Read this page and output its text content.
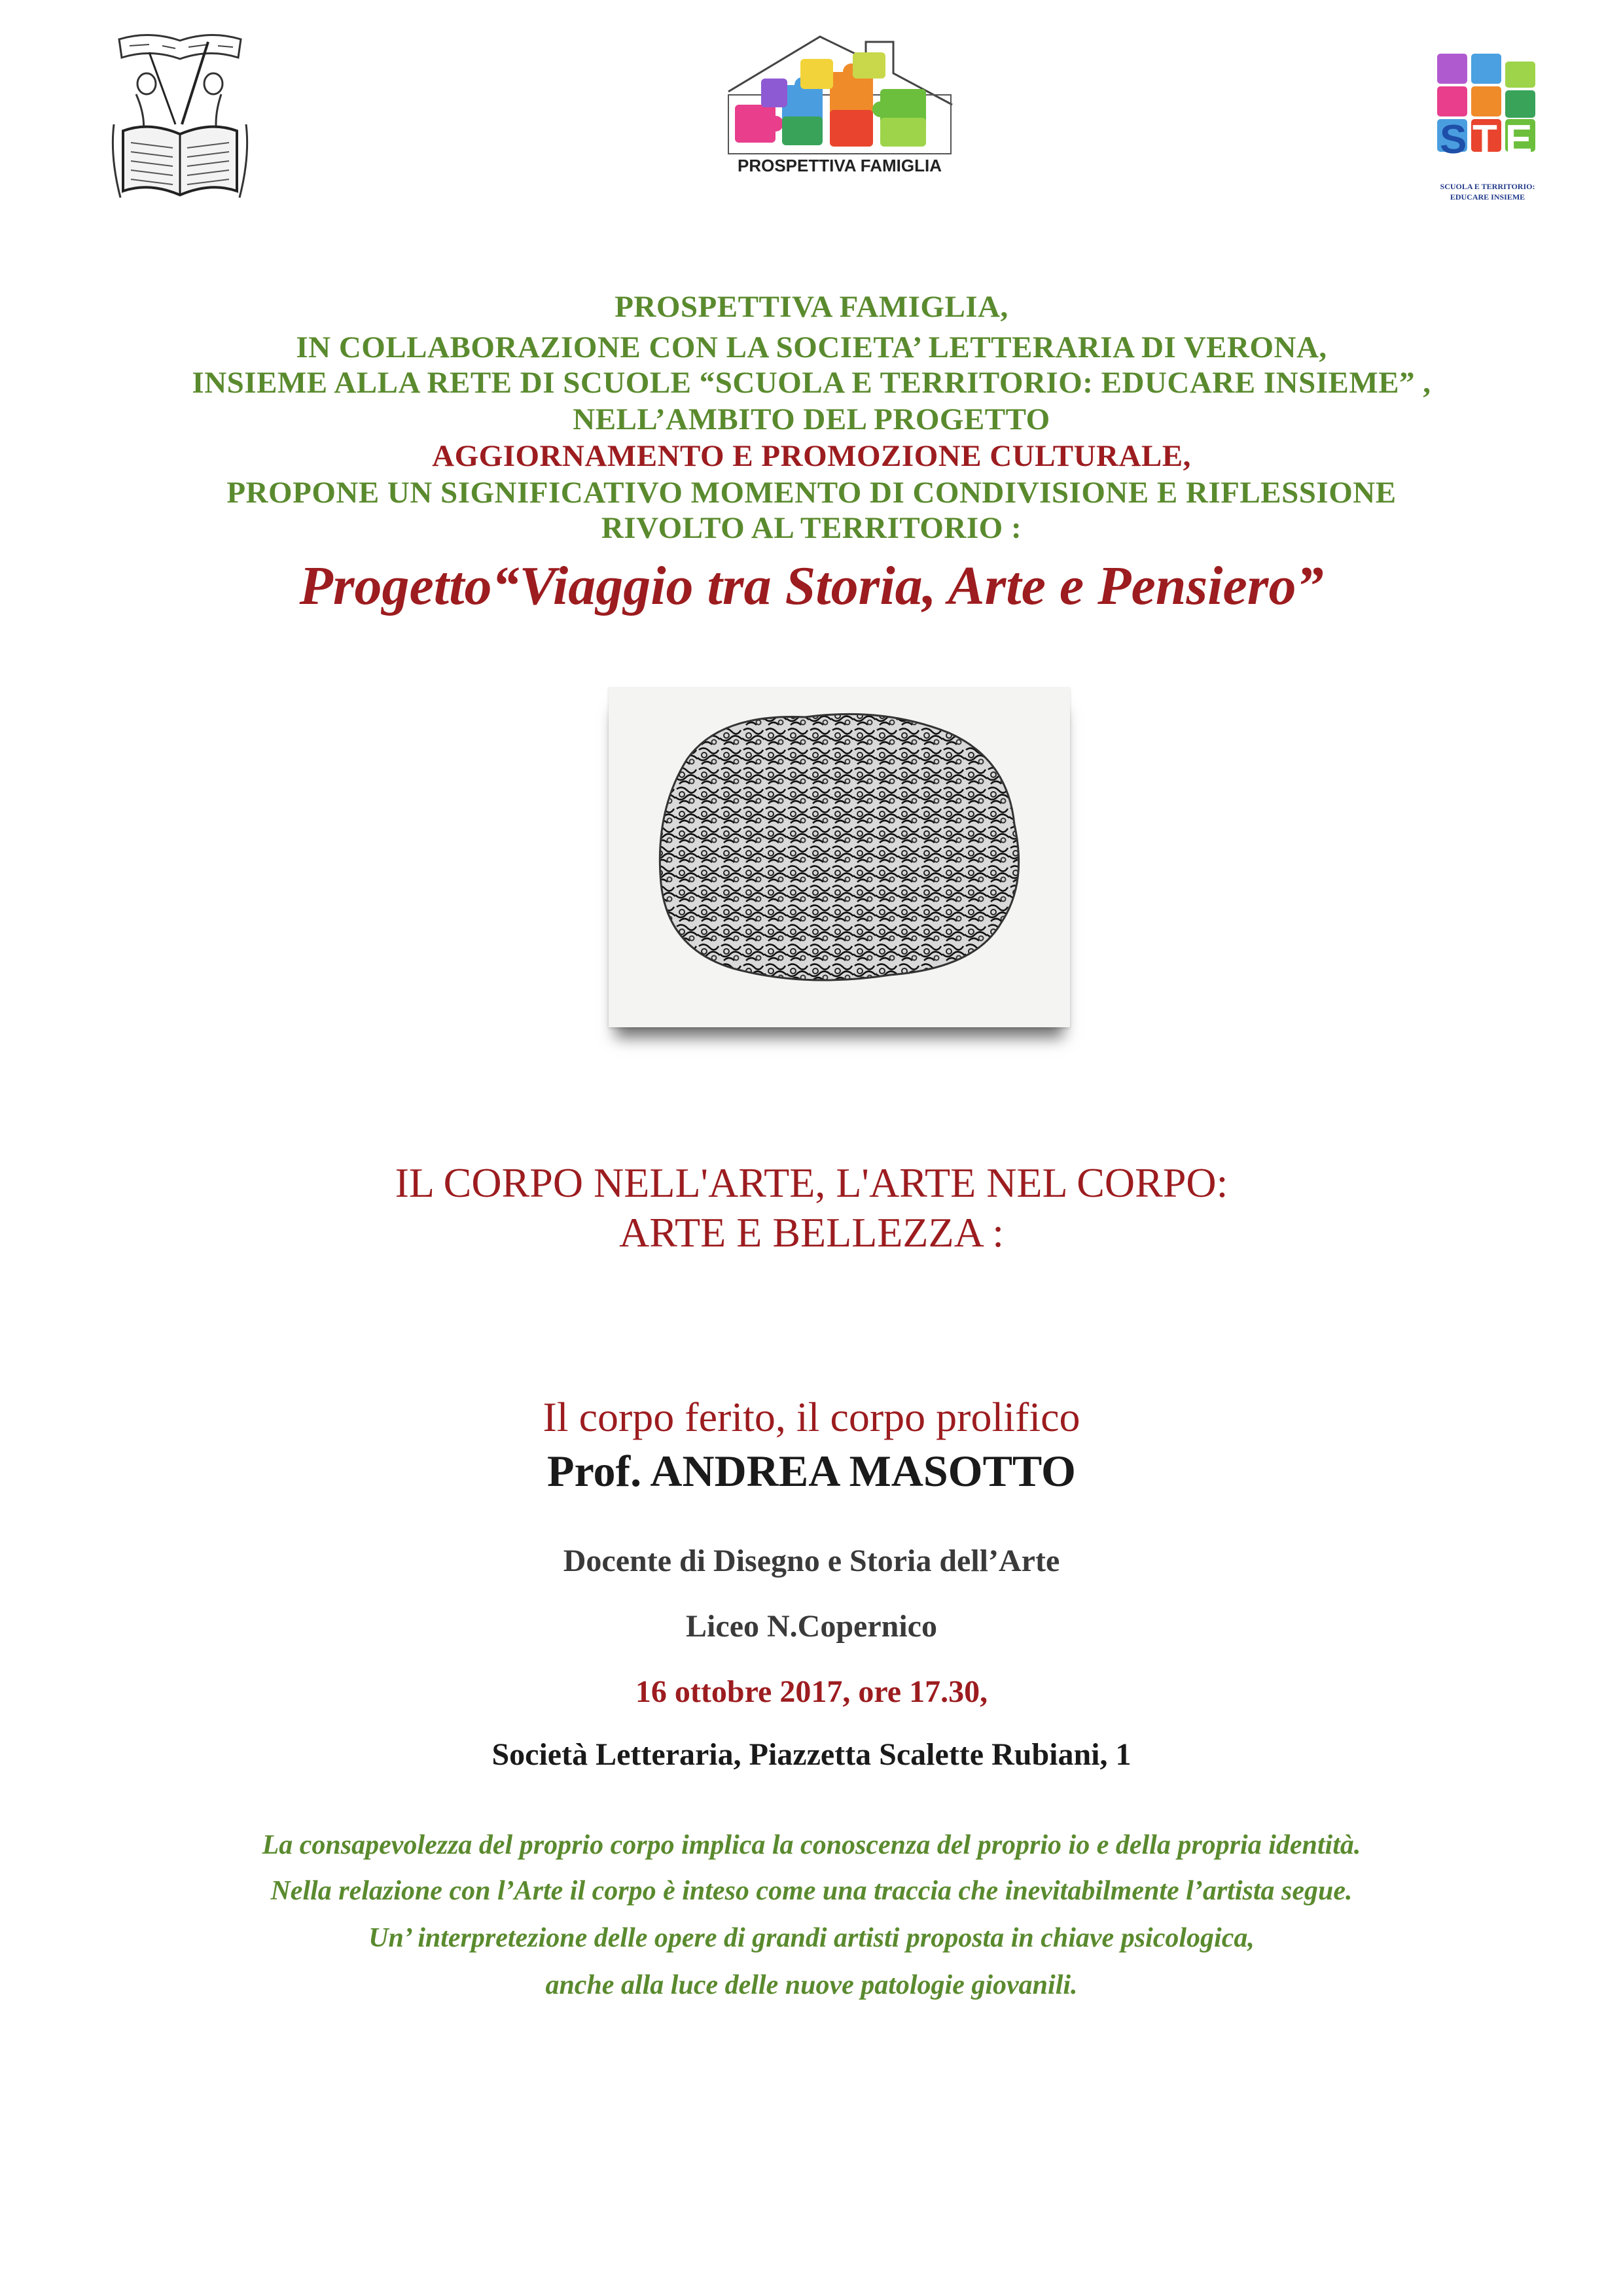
PROSPETTIVA FAMIGLIA
S T E
SCUOLA E TERRITORIO:
EDUCARE INSIEME
PROSPETTIVA FAMIGLIA,
IN COLLABORAZIONE CON LA SOCIETA’ LETTERARIA DI VERONA,
INSIEME ALLA RETE DI SCUOLE “SCUOLA E TERRITORIO: EDUCARE INSIEME” ,
NELL’AMBITO DEL PROGETTO
AGGIORNAMENTO E PROMOZIONE CULTURALE,
PROPONE UN SIGNIFICATIVO MOMENTO DI CONDIVISIONE E RIFLESSIONE
RIVOLTO AL TERRITORIO :
Progetto“Viaggio tra Storia, Arte e Pensiero”
IL CORPO NELL'ARTE, L'ARTE NEL CORPO:
ARTE E BELLEZZA :
Il corpo ferito, il corpo prolifico
Prof. ANDREA MASOTTO
Docente di Disegno e Storia dell’Arte
Liceo N.Copernico
16 ottobre 2017, ore 17.30,
Società Letteraria, Piazzetta Scalette Rubiani, 1
La consapevolezza del proprio corpo implica la conoscenza del proprio io e della propria identità.
Nella relazione con l’Arte il corpo è inteso come una traccia che inevitabilmente l’artista segue.
Un’ interpretezione delle opere di grandi artisti proposta in chiave psicologica,
anche alla luce delle nuove patologie giovanili.
